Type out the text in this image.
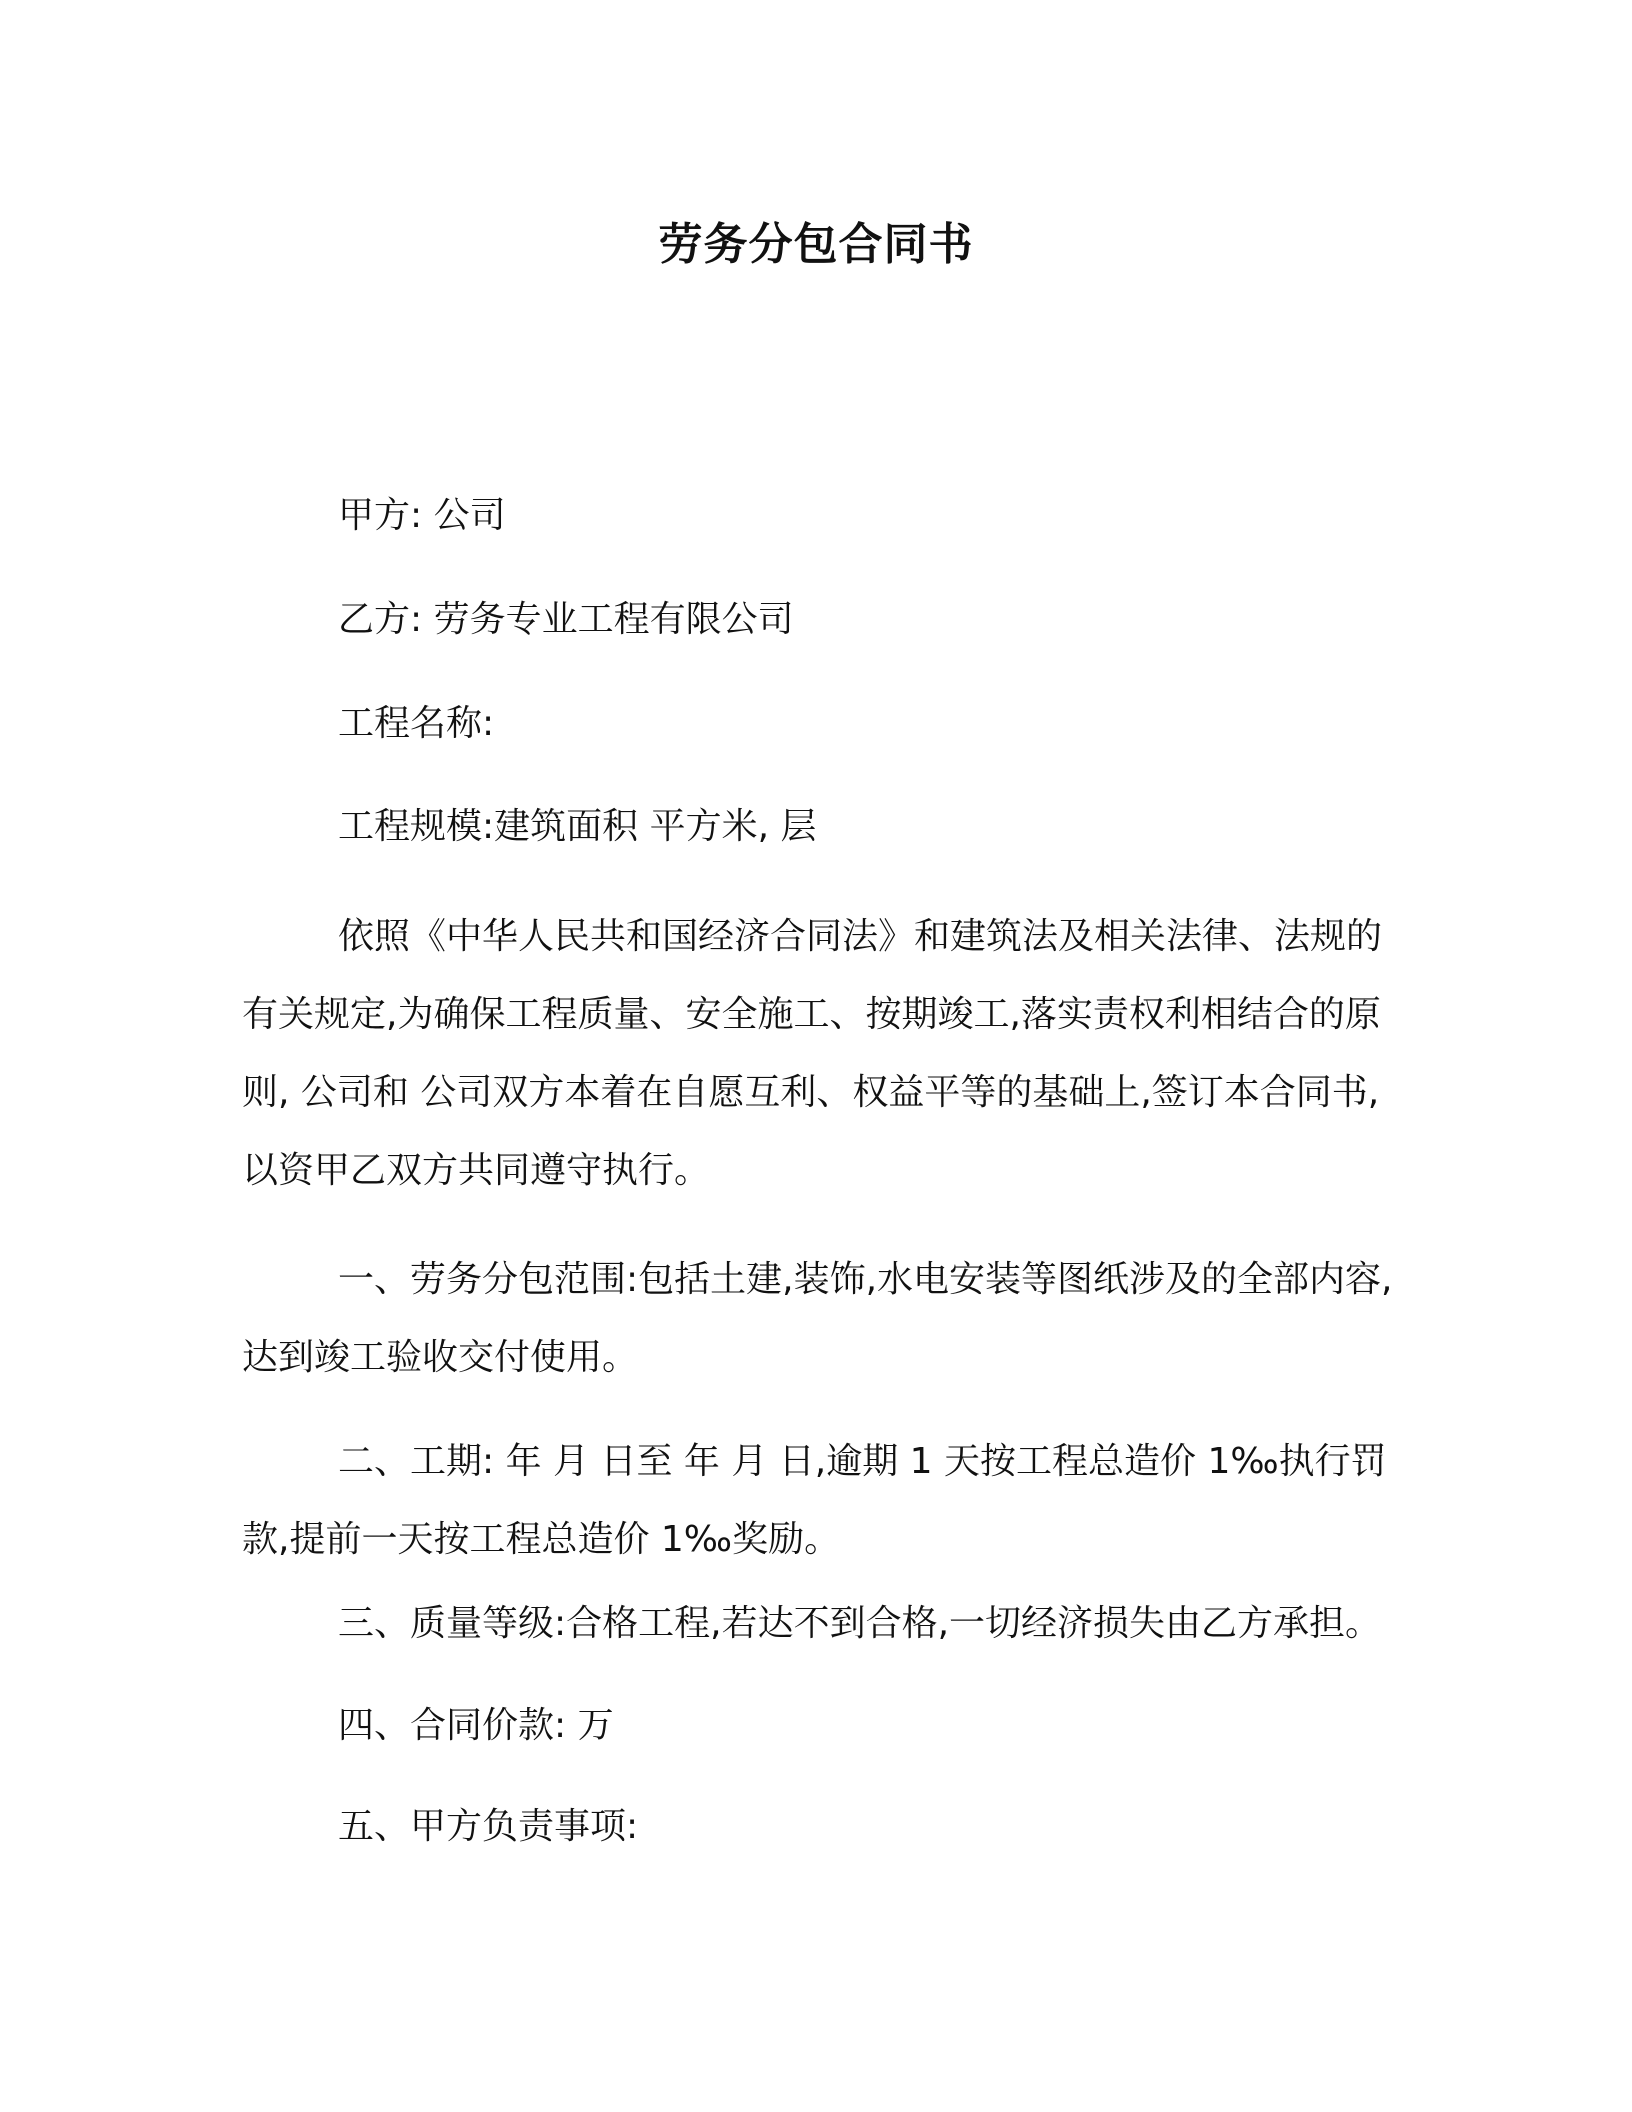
劳务分包合同书

甲方: 公司

乙方: 劳务专业工程有限公司

工程名称:

工程规模:建筑面积 平方米, 层

依照《中华人民共和国经济合同法》和建筑法及相关法律、法规的有关规定,为确保工程质量、安全施工、按期竣工,落实责权利相结合的原则, 公司和 公司双方本着在自愿互利、权益平等的基础上,签订本合同书,以资甲乙双方共同遵守执行。

一、劳务分包范围:包括土建,装饰,水电安装等图纸涉及的全部内容,达到竣工验收交付使用。

二、工期: 年 月 日至 年 月 日,逾期 1 天按工程总造价 1‰执行罚款,提前一天按工程总造价 1‰奖励。

三、质量等级:合格工程,若达不到合格,一切经济损失由乙方承担。

四、合同价款: 万

五、甲方负责事项:
